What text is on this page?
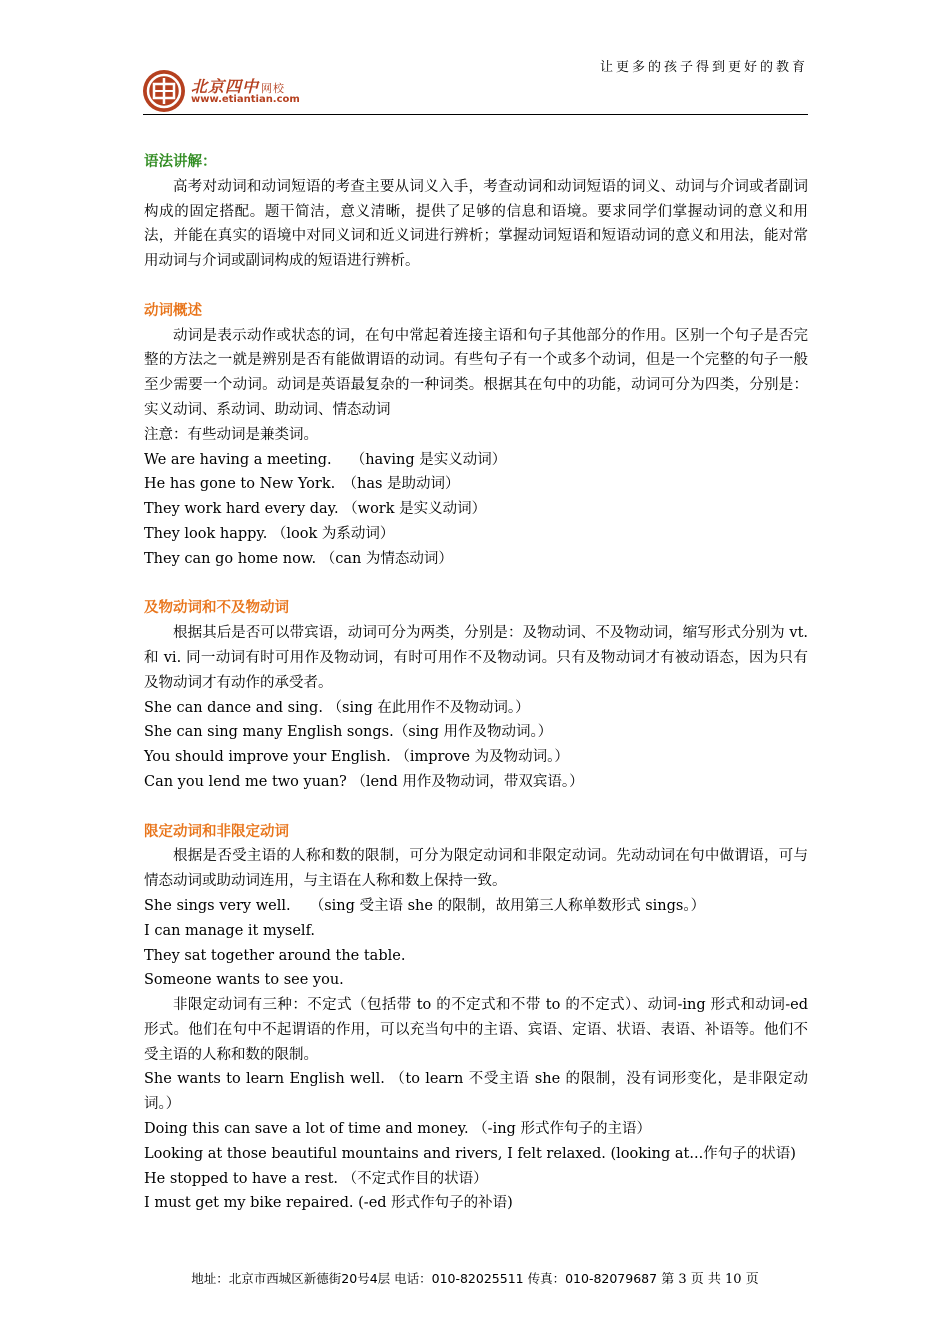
北京四中 网校
www.etiantian.com
让更多的孩子得到更好的教育

语法讲解：

高考对动词和动词短语的考查主要从词义入手，考查动词和动词短语的词义、动词与介词或者副词构成的固定搭配。题干简洁，意义清晰，提供了足够的信息和语境。要求同学们掌握动词的意义和用法，并能在真实的语境中对同义词和近义词进行辨析；掌握动词短语和短语动词的意义和用法，能对常用动词与介词或副词构成的短语进行辨析。

动词概述

动词是表示动作或状态的词，在句中常起着连接主语和句子其他部分的作用。区别一个句子是否完整的方法之一就是辨别是否有能做谓语的动词。有些句子有一个或多个动词，但是一个完整的句子一般至少需要一个动词。动词是英语最复杂的一种词类。根据其在句中的功能，动词可分为四类，分别是：实义动词、系动词、助动词、情态动词

注意：有些动词是兼类词。

We are having a meeting.　 （having 是实义动词）

He has gone to New York.　（has 是助动词）

They work hard every day. （work 是实义动词）

They look happy. （look 为系动词）

They can go home now. （can 为情态动词）

及物动词和不及物动词

根据其后是否可以带宾语，动词可分为两类，分别是：及物动词、不及物动词，缩写形式分别为 vt.和 vi. 同一动词有时可用作及物动词，有时可用作不及物动词。只有及物动词才有被动语态，因为只有及物动词才有动作的承受者。

She can dance and sing. （sing 在此用作不及物动词。）

She can sing many English songs.（sing 用作及物动词。）

You should improve your English. （improve 为及物动词。）

Can you lend me two yuan? （lend 用作及物动词，带双宾语。）

限定动词和非限定动词

根据是否受主语的人称和数的限制，可分为限定动词和非限定动词。先动动词在句中做谓语，可与情态动词或助动词连用，与主语在人称和数上保持一致。

She sings very well.　 （sing 受主语 she 的限制，故用第三人称单数形式 sings。）

I can manage it myself.

They sat together around the table.

Someone wants to see you.

非限定动词有三种：不定式（包括带 to 的不定式和不带 to 的不定式）、动词-ing 形式和动词-ed 形式。他们在句中不起谓语的作用，可以充当句中的主语、宾语、定语、状语、表语、补语等。他们不受主语的人称和数的限制。

She wants to learn English well. （to learn 不受主语 she 的限制，没有词形变化，是非限定动词。）

Doing this can save a lot of time and money. （-ing 形式作句子的主语）

Looking at those beautiful mountains and rivers, I felt relaxed. (looking at...作句子的状语)

He stopped to have a rest. （不定式作目的状语）

I must get my bike repaired. (-ed 形式作句子的补语)

地址：北京市西城区新德街20号4层 电话：010-82025511 传真：010-82079687 第 3 页 共 10 页
